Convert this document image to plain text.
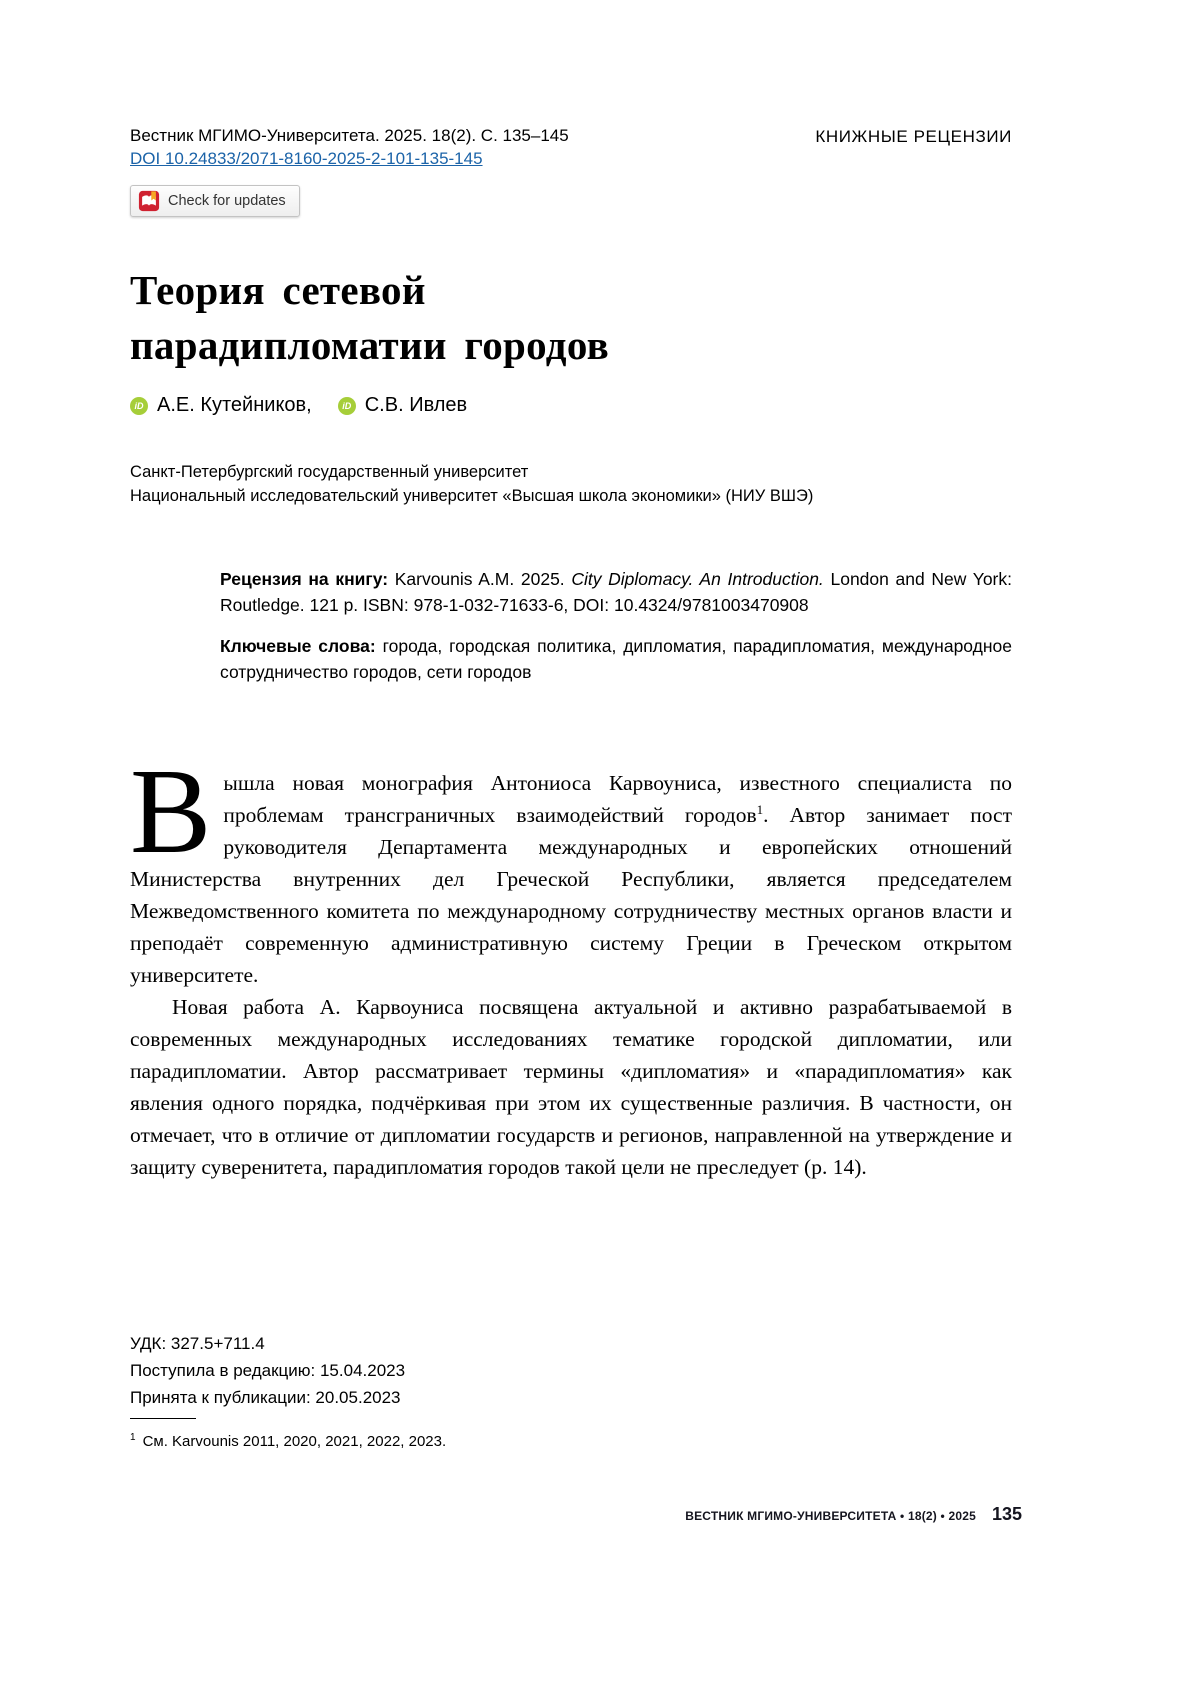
Вестник МГИМО-Университета. 2025. 18(2). С. 135–145
DOI 10.24833/2071-8160-2025-2-101-135-145
КНИЖНЫЕ РЕЦЕНЗИИ
Check for updates
Теория сетевой
парадипломатии городов
iD А.Е. Кутейников,	iD С.В. Ивлев
Санкт-Петербургский государственный университет
Национальный исследовательский университет «Высшая школа экономики» (НИУ ВШЭ)

Рецензия на книгу: Karvounis A.M. 2025. City Diplomacy. An Introduction. London and New York: Routledge. 121 p. ISBN: 978-1-032-71633-6, DOI: 10.4324/9781003470908

Ключевые слова: города, городская политика, дипломатия, парадипломатия, международное сотрудничество городов, сети городов

Вышла новая монография Антониоса Карвоуниса, известного специалиста по проблемам трансграничных взаимодействий городов$^1$. Автор занимает пост руководителя Департамента международных и европейских отношений Министерства внутренних дел Греческой Республики, является председателем Межведомственного комитета по международному сотрудничеству местных органов власти и преподаёт современную административную систему Греции в Греческом открытом университете.

Новая работа А. Карвоуниса посвящена актуальной и активно разрабатываемой в современных международных исследованиях тематике городской дипломатии, или парадипломатии. Автор рассматривает термины «дипломатия» и «парадипломатия» как явления одного порядка, подчёркивая при этом их существенные различия. В частности, он отмечает, что в отличие от дипломатии государств и регионов, направленной на утверждение и защиту суверенитета, парадипломатия городов такой цели не преследует (р. 14).

УДК: 327.5+711.4
Поступила в редакцию: 15.04.2023
Принята к публикации: 20.05.2023
$^1$ См. Karvounis 2011, 2020, 2021, 2022, 2023.
ВЕСТНИК МГИМО-УНИВЕРСИТЕТА • 18(2) • 2025 135
